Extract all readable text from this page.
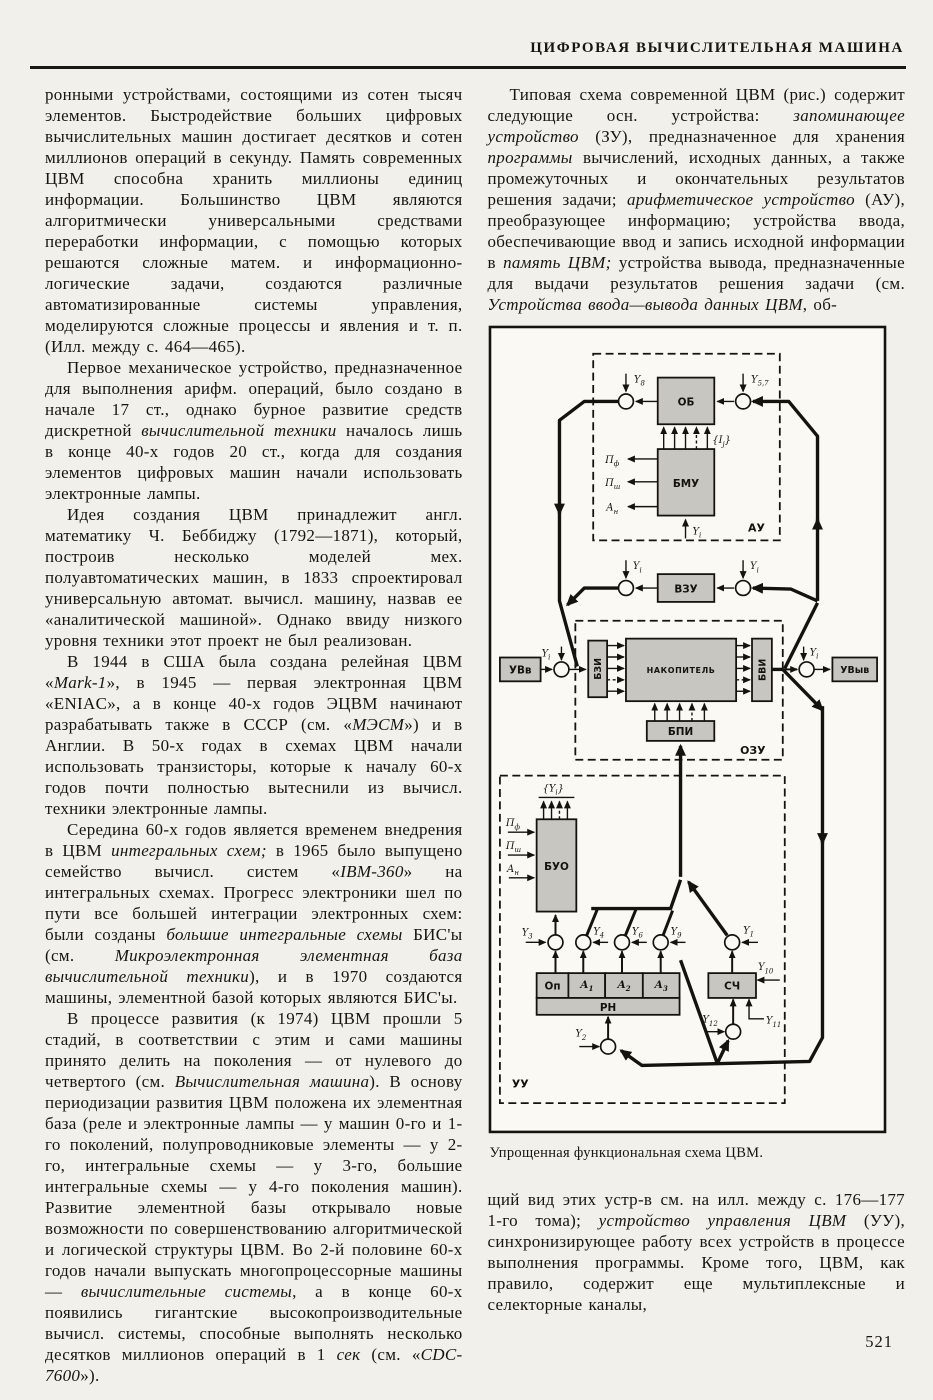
ЦИФРОВАЯ ВЫЧИСЛИТЕЛЬНАЯ МАШИНА

ронными устройствами, состоящими из сотен тысяч элементов. Быстродействие больших цифровых вычислительных машин достигает десятков и сотен миллионов операций в секунду. Память современных ЦВМ способна хранить миллионы единиц информации. Большинство ЦВМ являются алгоритмически универсальными средствами переработки информации, с помощью которых решаются сложные матем. и информационно-логические задачи, создаются различные автоматизированные системы управления, моделируются сложные процессы и явления и т. п. (Илл. между с. 464—465).

Первое механическое устройство, предназначенное для выполнения арифм. операций, было создано в начале 17 ст., однако бурное развитие средств дискретной вычислительной техники началось лишь в конце 40-х годов 20 ст., когда для создания элементов цифровых машин начали использовать электронные лампы.

Идея создания ЦВМ принадлежит англ. математику Ч. Беббиджу (1792—1871), который, построив несколько моделей мех. полуавтоматических машин, в 1833 спроектировал универсальную автомат. вычисл. машину, назвав ее «аналитической машиной». Однако ввиду низкого уровня техники этот проект не был реализован.

В 1944 в США была создана релейная ЦВМ «Mark-1», в 1945 — первая электронная ЦВМ «ENIAC», а в конце 40-х годов ЭЦВМ начинают разрабатывать также в СССР (см. «МЭСМ») и в Англии. В 50-х годах в схемах ЦВМ начали использовать транзисторы, которые к началу 60-х годов почти полностью вытеснили из вычисл. техники электронные лампы.

Середина 60-х годов является временем внедрения в ЦВМ интегральных схем; в 1965 было выпущено семейство вычисл. систем «IBM-360» на интегральных схемах. Прогресс электроники шел по пути все большей интеграции электронных схем: были созданы большие интегральные схемы БИС'ы (см. Микроэлектронная элементная база вычислительной техники), и в 1970 создаются машины, элементной базой которых являются БИС'ы.

В процессе развития (к 1974) ЦВМ прошли 5 стадий, в соответствии с этим и сами машины принято делить на поколения — от нулевого до четвертого (см. Вычислительная машина). В основу периодизации развития ЦВМ положена их элементная база (реле и электронные лампы — у машин 0-го и 1-го поколений, полупроводниковые элементы — у 2-го, интегральные схемы — у 3-го, большие интегральные схемы — у 4-го поколения машин). Развитие элементной базы открывало новые возможности по совершенствованию алгоритмической и логической структуры ЦВМ. Во 2-й половине 60-х годов начали выпускать многопроцессорные машины — вычислительные системы, а в конце 60-х появились гигантские высокопроизводительные вычисл. системы, способные выполнять несколько десятков миллионов операций в 1 сек (см. «CDC-7600»).

Типовая схема современной ЦВМ (рис.) содержит следующие осн. устройства: запоминающее устройство (ЗУ), предназначенное для хранения программы вычислений, исходных данных, а также промежуточных и окончательных результатов решения задачи; арифметическое устройство (АУ), преобразующее информацию; устройства ввода, обеспечивающие ввод и запись исходной информации в память ЦВМ; устройства вывода, предназначенные для выдачи результатов решения задачи (см. Устройства ввода—вывода данных ЦВМ, об-

АУ
ОБ
БМУ
$\{I_j\}$
$Y_8$	$Y_{5,7}$
$П_ф$
$П_ш$
$А_н$
$Y_i$
ВЗУ
$Y_i$	$Y_i$
ОЗУ
БЗИ	НАКОПИТЕЛЬ	БВИ
БПИ
УВв
$Y_i$	$Y_i$
УВыв
УУ
$\{Y_i\}$
БУО
$П_ф$
$П_ш$
$А_н$
$Y_3$	$Y_4$	$Y_6$	$Y_9$	$Y_1$
Оп $А_1$ $А_2$ $А_3$
РН
СЧ
$Y_{10}$
$Y_{11}$
$Y_{12}$
$Y_2$
Упрощенная функциональная схема ЦВМ.

щий вид этих устр-в см. на илл. между с. 176—177 1-го тома); устройство управления ЦВМ (УУ), синхронизирующее работу всех устройств в процессе выполнения программы. Кроме того, ЦВМ, как правило, содержит еще мультиплексные и селекторные каналы,

521
